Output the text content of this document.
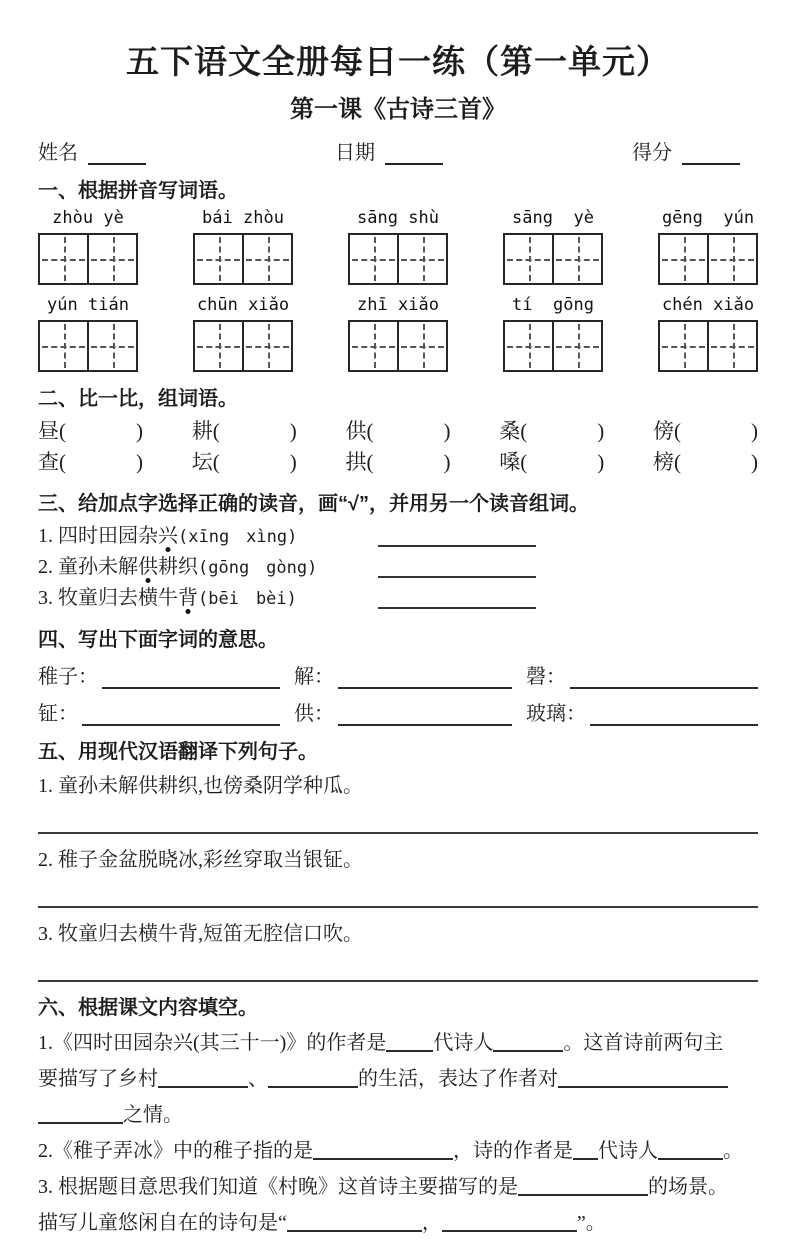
五下语文全册每日一练（第一单元）
第一课《古诗三首》
姓名	日期	得分
一、根据拼音写词语。
zhòu yè	bái zhòu	sāng shù	sāng  yè	gēng  yún
yún tián	chūn xiǎo	zhī xiǎo	tí  gōng	chén xiǎo
二、比一比，组词语。
昼 (	) 耕 (	) 供 (	) 桑 (	) 傍 (	)
查 (	) 坛 (	) 拱 (	) 嗓 (	) 榜 (	)
三、给加点字选择正确的读音，画“√”，并用另一个读音组词。
1. 四时田园杂兴(xīng　xìng)
2. 童孙未解供耕织(gōng　gòng)
3. 牧童归去横牛背(bēi　bèi)
四、写出下面字词的意思。
稚子：	解：	磬：
钲：	供：	玻璃：
五、用现代汉语翻译下列句子。

1. 童孙未解供耕织,也傍桑阴学种瓜。

2. 稚子金盆脱晓冰,彩丝穿取当银钲。

3. 牧童归去横牛背,短笛无腔信口吹。

六、根据课文内容填空。

1.《四时田园杂兴(其三十一)》的作者是 代诗人	。这首诗前两句主
要描写了乡村	、	的生活，表达了作者对
之情。

2.《稚子弄冰》中的稚子指的是	，诗的作者是 代诗人	。

3. 根据题目意思我们知道《村晚》这首诗主要描写的是	的场景。
描写儿童悠闲自在的诗句是“	，	”。
